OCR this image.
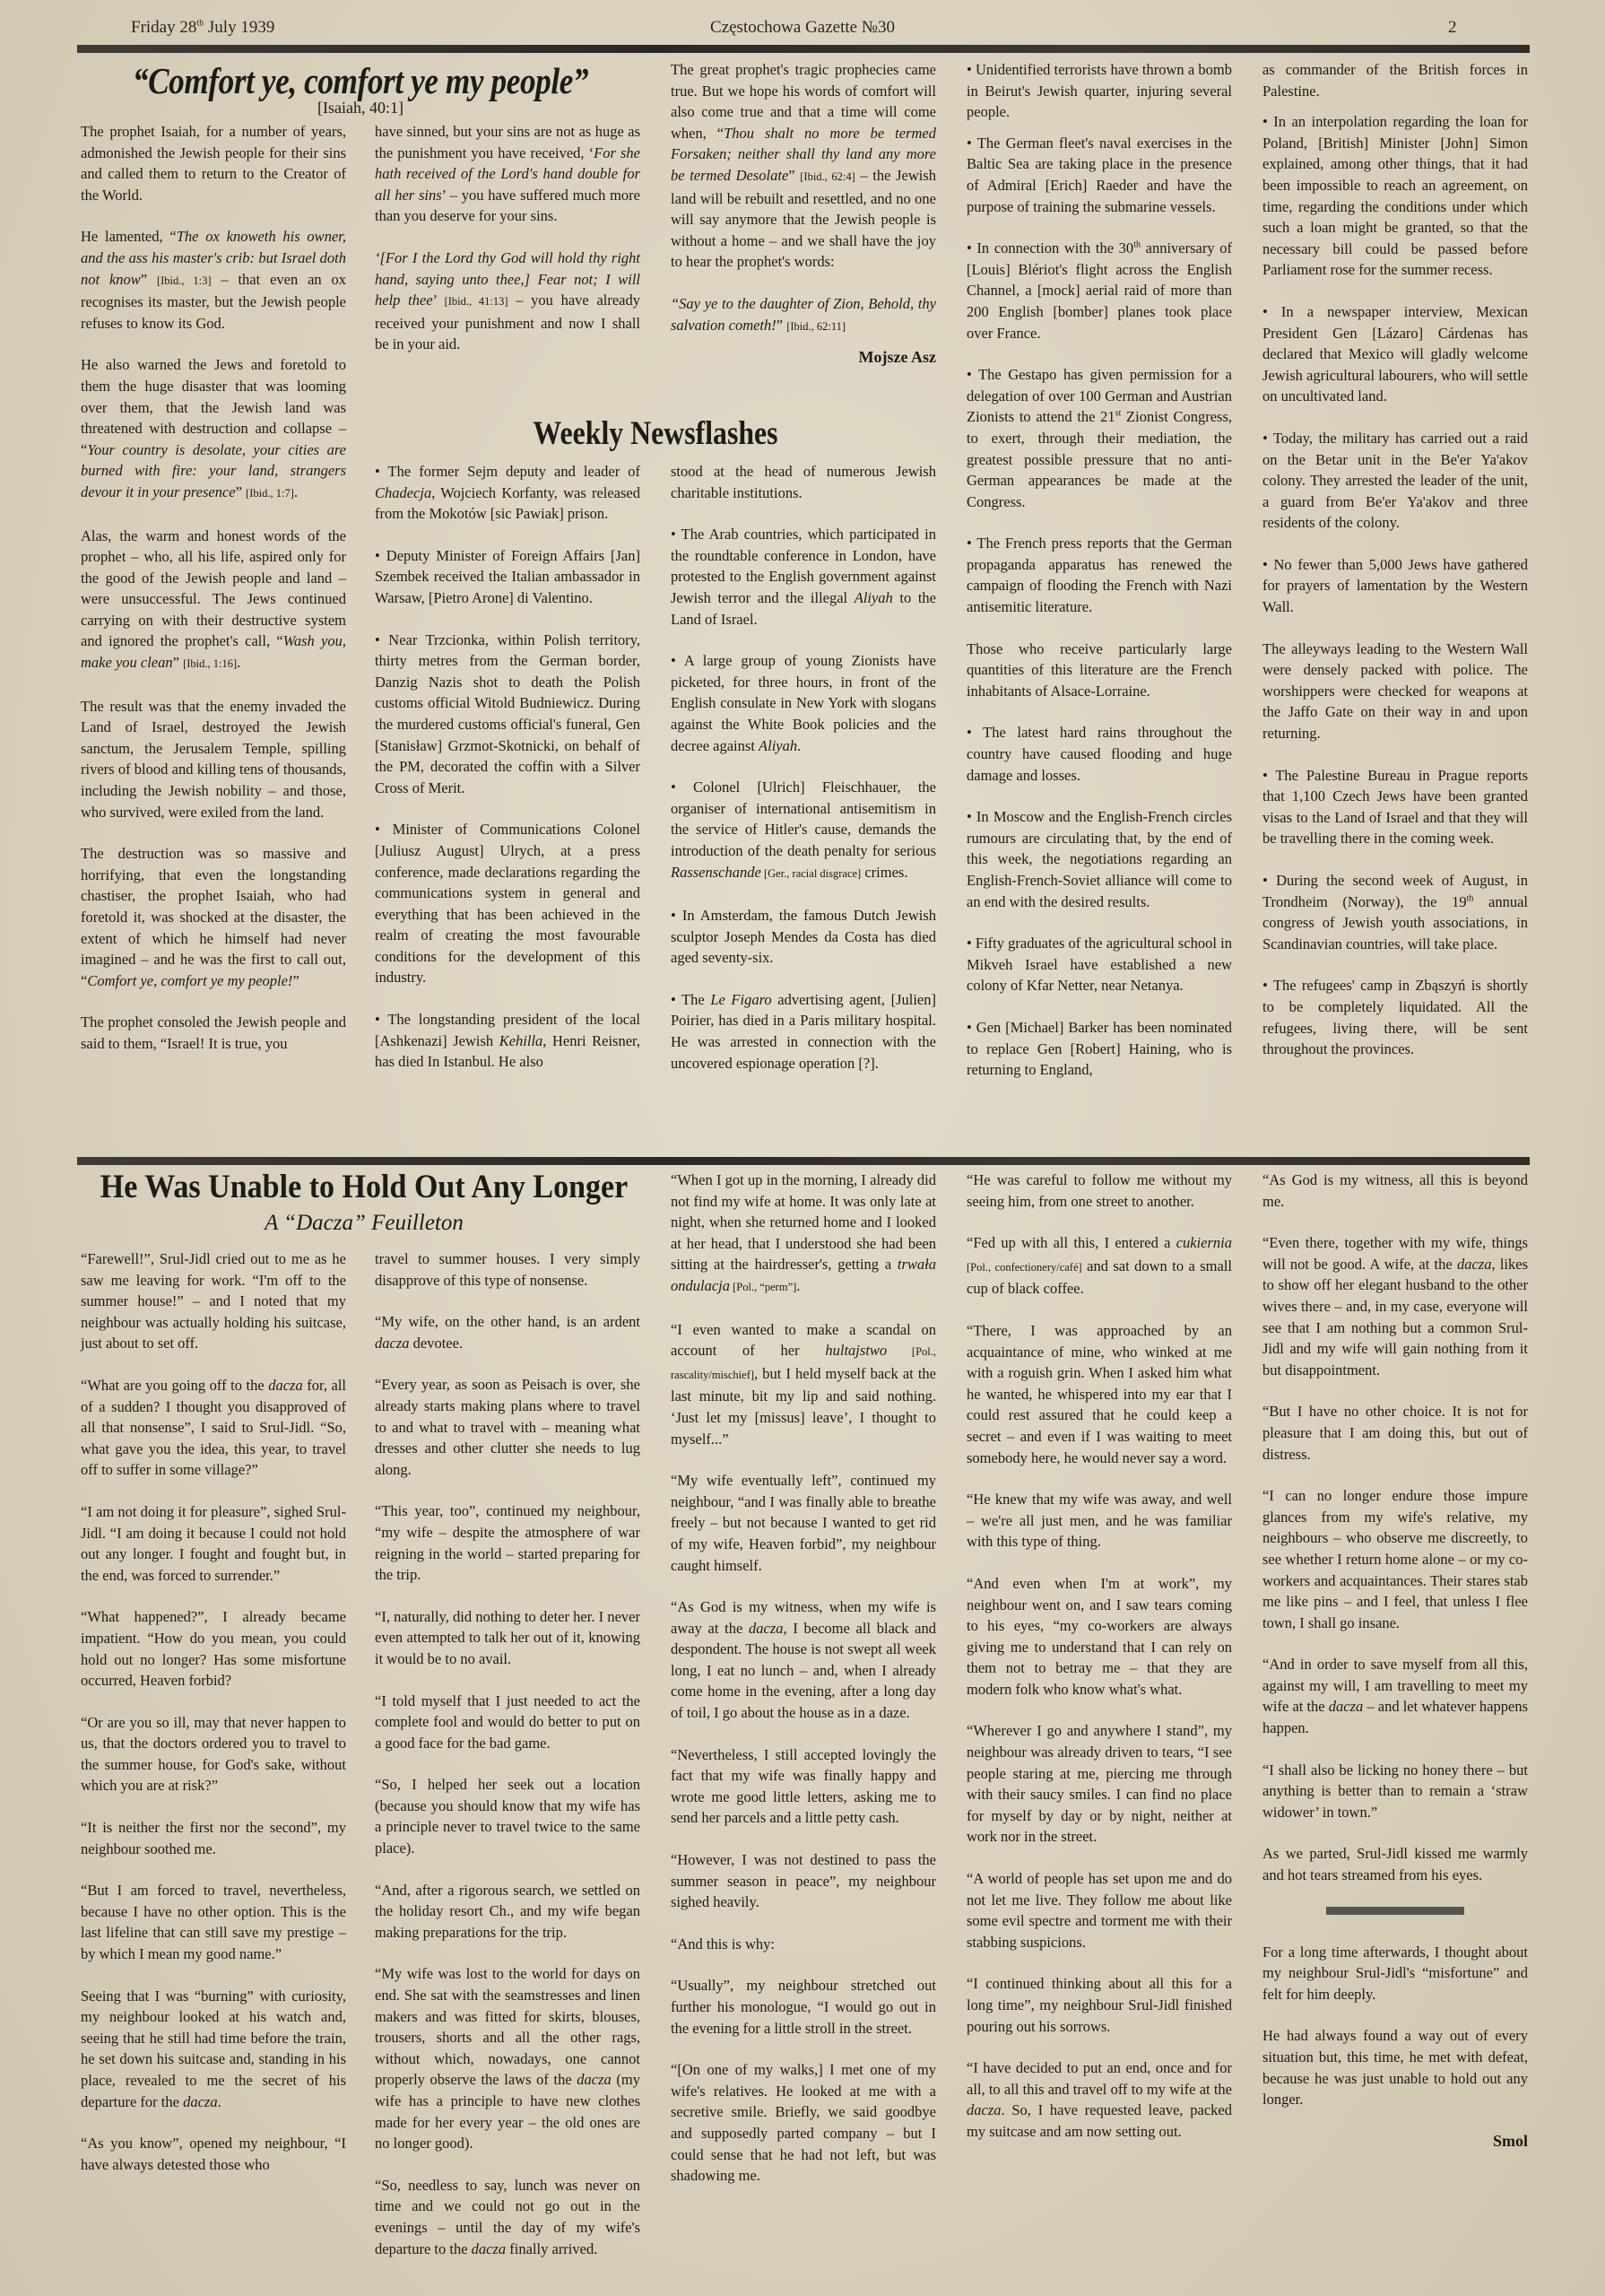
Friday 28th July 1939	Częstochowa Gazette №30	2
“Comfort ye, comfort ye my people”
[Isaiah, 40:1]

The prophet Isaiah, for a number of years, admonished the Jewish people for their sins and called them to return to the Creator of the World.

He lamented, “The ox knoweth his owner, and the ass his master's crib: but Israel doth not know” [Ibid., 1:3] – that even an ox recognises its master, but the Jewish people refuses to know its God.

He also warned the Jews and foretold to them the huge disaster that was looming over them, that the Jewish land was threatened with destruction and collapse – “Your country is desolate, your cities are burned with fire: your land, strangers devour it in your presence” [Ibid., 1:7].

Alas, the warm and honest words of the prophet – who, all his life, aspired only for the good of the Jewish people and land – were unsuccessful. The Jews continued carrying on with their destructive system and ignored the prophet's call, “Wash you, make you clean” [Ibid., 1:16].

The result was that the enemy invaded the Land of Israel, destroyed the Jewish sanctum, the Jerusalem Temple, spilling rivers of blood and killing tens of thousands, including the Jewish nobility – and those, who survived, were exiled from the land.

The destruction was so massive and horrifying, that even the longstanding chastiser, the prophet Isaiah, who had foretold it, was shocked at the disaster, the extent of which he himself had never imagined – and he was the first to call out, “Comfort ye, comfort ye my people!”

The prophet consoled the Jewish people and said to them, “Israel! It is true, you

have sinned, but your sins are not as huge as the punishment you have received, ‘For she hath received of the Lord's hand double for all her sins’ – you have suffered much more than you deserve for your sins.

‘[For I the Lord thy God will hold thy right hand, saying unto thee,] Fear not; I will help thee’ [Ibid., 41:13] – you have already received your punishment and now I shall be in your aid.

The great prophet's tragic prophecies came true. But we hope his words of comfort will also come true and that a time will come when, “Thou shalt no more be termed Forsaken; neither shall thy land any more be termed Desolate” [Ibid., 62:4] – the Jewish land will be rebuilt and resettled, and no one will say anymore that the Jewish people is without a home – and we shall have the joy to hear the prophet's words:

“Say ye to the daughter of Zion, Behold, thy salvation cometh!” [Ibid., 62:11]

Mojsze Asz

Weekly Newsflashes

• The former Sejm deputy and leader of Chadecja, Wojciech Korfanty, was released from the Mokotów [sic Pawiak] prison.

• Deputy Minister of Foreign Affairs [Jan] Szembek received the Italian ambassador in Warsaw, [Pietro Arone] di Valentino.

• Near Trzcionka, within Polish territory, thirty metres from the German border, Danzig Nazis shot to death the Polish customs official Witold Budniewicz. During the murdered customs official's funeral, Gen [Stanisław] Grzmot-Skotnicki, on behalf of the PM, decorated the coffin with a Silver Cross of Merit.

• Minister of Communications Colonel [Juliusz August] Ulrych, at a press conference, made declarations regarding the communications system in general and everything that has been achieved in the realm of creating the most favourable conditions for the development of this industry.

• The longstanding president of the local [Ashkenazi] Jewish Kehilla, Henri Reisner, has died In Istanbul. He also

stood at the head of numerous Jewish charitable institutions.

• The Arab countries, which participated in the roundtable conference in London, have protested to the English government against Jewish terror and the illegal Aliyah to the Land of Israel.

• A large group of young Zionists have picketed, for three hours, in front of the English consulate in New York with slogans against the White Book policies and the decree against Aliyah.

• Colonel [Ulrich] Fleischhauer, the organiser of international antisemitism in the service of Hitler's cause, demands the introduction of the death penalty for serious Rassenschande [Ger., racial disgrace] crimes.

• In Amsterdam, the famous Dutch Jewish sculptor Joseph Mendes da Costa has died aged seventy-six.

• The Le Figaro advertising agent, [Julien] Poirier, has died in a Paris military hospital. He was arrested in connection with the uncovered espionage operation [?].

• Unidentified terrorists have thrown a bomb in Beirut's Jewish quarter, injuring several people.

• The German fleet's naval exercises in the Baltic Sea are taking place in the presence of Admiral [Erich] Raeder and have the purpose of training the submarine vessels.

• In connection with the 30th anniversary of [Louis] Blériot's flight across the English Channel, a [mock] aerial raid of more than 200 English [bomber] planes took place over France.

• The Gestapo has given permission for a delegation of over 100 German and Austrian Zionists to attend the 21st Zionist Congress, to exert, through their mediation, the greatest possible pressure that no anti-German appearances be made at the Congress.

• The French press reports that the German propaganda apparatus has renewed the campaign of flooding the French with Nazi antisemitic literature.

Those who receive particularly large quantities of this literature are the French inhabitants of Alsace-Lorraine.

• The latest hard rains throughout the country have caused flooding and huge damage and losses.

• In Moscow and the English-French circles rumours are circulating that, by the end of this week, the negotiations regarding an English-French-Soviet alliance will come to an end with the desired results.

• Fifty graduates of the agricultural school in Mikveh Israel have established a new colony of Kfar Netter, near Netanya.

• Gen [Michael] Barker has been nominated to replace Gen [Robert] Haining, who is returning to England,

as commander of the British forces in Palestine.

• In an interpolation regarding the loan for Poland, [British] Minister [John] Simon explained, among other things, that it had been impossible to reach an agreement, on time, regarding the conditions under which such a loan might be granted, so that the necessary bill could be passed before Parliament rose for the summer recess.

• In a newspaper interview, Mexican President Gen [Lázaro] Cárdenas has declared that Mexico will gladly welcome Jewish agricultural labourers, who will settle on uncultivated land.

• Today, the military has carried out a raid on the Betar unit in the Be'er Ya'akov colony. They arrested the leader of the unit, a guard from Be'er Ya'akov and three residents of the colony.

• No fewer than 5,000 Jews have gathered for prayers of lamentation by the Western Wall.

The alleyways leading to the Western Wall were densely packed with police. The worshippers were checked for weapons at the Jaffo Gate on their way in and upon returning.

• The Palestine Bureau in Prague reports that 1,100 Czech Jews have been granted visas to the Land of Israel and that they will be travelling there in the coming week.

• During the second week of August, in Trondheim (Norway), the 19th annual congress of Jewish youth associations, in Scandinavian countries, will take place.

• The refugees' camp in Zbąszyń is shortly to be completely liquidated. All the refugees, living there, will be sent throughout the provinces.

He Was Unable to Hold Out Any Longer
A “Dacza” Feuilleton

“Farewell!”, Srul-Jidl cried out to me as he saw me leaving for work. “I'm off to the summer house!” – and I noted that my neighbour was actually holding his suitcase, just about to set off.

“What are you going off to the dacza for, all of a sudden? I thought you disapproved of all that nonsense”, I said to Srul-Jidl. “So, what gave you the idea, this year, to travel off to suffer in some village?”

“I am not doing it for pleasure”, sighed Srul-Jidl. “I am doing it because I could not hold out any longer. I fought and fought but, in the end, was forced to surrender.”

“What happened?”, I already became impatient. “How do you mean, you could hold out no longer? Has some misfortune occurred, Heaven forbid?

“Or are you so ill, may that never happen to us, that the doctors ordered you to travel to the summer house, for God's sake, without which you are at risk?”

“It is neither the first nor the second”, my neighbour soothed me.

“But I am forced to travel, nevertheless, because I have no other option. This is the last lifeline that can still save my prestige – by which I mean my good name.”

Seeing that I was “burning” with curiosity, my neighbour looked at his watch and, seeing that he still had time before the train, he set down his suitcase and, standing in his place, revealed to me the secret of his departure for the dacza.

“As you know”, opened my neighbour, “I have always detested those who

travel to summer houses. I very simply disapprove of this type of nonsense.

“My wife, on the other hand, is an ardent dacza devotee.

“Every year, as soon as Peisach is over, she already starts making plans where to travel to and what to travel with – meaning what dresses and other clutter she needs to lug along.

“This year, too”, continued my neighbour, “my wife – despite the atmosphere of war reigning in the world – started preparing for the trip.

“I, naturally, did nothing to deter her. I never even attempted to talk her out of it, knowing it would be to no avail.

“I told myself that I just needed to act the complete fool and would do better to put on a good face for the bad game.

“So, I helped her seek out a location (because you should know that my wife has a principle never to travel twice to the same place).

“And, after a rigorous search, we settled on the holiday resort Ch., and my wife began making preparations for the trip.

“My wife was lost to the world for days on end. She sat with the seamstresses and linen makers and was fitted for skirts, blouses, trousers, shorts and all the other rags, without which, nowadays, one cannot properly observe the laws of the dacza (my wife has a principle to have new clothes made for her every year – the old ones are no longer good).

“So, needless to say, lunch was never on time and we could not go out in the evenings – until the day of my wife's departure to the dacza finally arrived.

“When I got up in the morning, I already did not find my wife at home. It was only late at night, when she returned home and I looked at her head, that I understood she had been sitting at the hairdresser's, getting a trwała ondulacja [Pol., “perm”].

“I even wanted to make a scandal on account of her hultajstwo [Pol., rascality/mischief], but I held myself back at the last minute, bit my lip and said nothing. ‘Just let my [missus] leave’, I thought to myself...”

“My wife eventually left”, continued my neighbour, “and I was finally able to breathe freely – but not because I wanted to get rid of my wife, Heaven forbid”, my neighbour caught himself.

“As God is my witness, when my wife is away at the dacza, I become all black and despondent. The house is not swept all week long, I eat no lunch – and, when I already come home in the evening, after a long day of toil, I go about the house as in a daze.

“Nevertheless, I still accepted lovingly the fact that my wife was finally happy and wrote me good little letters, asking me to send her parcels and a little petty cash.

“However, I was not destined to pass the summer season in peace”, my neighbour sighed heavily.

“And this is why:

“Usually”, my neighbour stretched out further his monologue, “I would go out in the evening for a little stroll in the street.

“[On one of my walks,] I met one of my wife's relatives. He looked at me with a secretive smile. Briefly, we said goodbye and supposedly parted company – but I could sense that he had not left, but was shadowing me.

“He was careful to follow me without my seeing him, from one street to another.

“Fed up with all this, I entered a cukiernia [Pol., confectionery/café] and sat down to a small cup of black coffee.

“There, I was approached by an acquaintance of mine, who winked at me with a roguish grin. When I asked him what he wanted, he whispered into my ear that I could rest assured that he could keep a secret – and even if I was waiting to meet somebody here, he would never say a word.

“He knew that my wife was away, and well – we're all just men, and he was familiar with this type of thing.

“And even when I'm at work”, my neighbour went on, and I saw tears coming to his eyes, “my co-workers are always giving me to understand that I can rely on them not to betray me – that they are modern folk who know what's what.

“Wherever I go and anywhere I stand”, my neighbour was already driven to tears, “I see people staring at me, piercing me through with their saucy smiles. I can find no place for myself by day or by night, neither at work nor in the street.

“A world of people has set upon me and do not let me live. They follow me about like some evil spectre and torment me with their stabbing suspicions.

“I continued thinking about all this for a long time”, my neighbour Srul-Jidl finished pouring out his sorrows.

“I have decided to put an end, once and for all, to all this and travel off to my wife at the dacza. So, I have requested leave, packed my suitcase and am now setting out.

“As God is my witness, all this is beyond me.

“Even there, together with my wife, things will not be good. A wife, at the dacza, likes to show off her elegant husband to the other wives there – and, in my case, everyone will see that I am nothing but a common Srul-Jidl and my wife will gain nothing from it but disappointment.

“But I have no other choice. It is not for pleasure that I am doing this, but out of distress.

“I can no longer endure those impure glances from my wife's relative, my neighbours – who observe me discreetly, to see whether I return home alone – or my co-workers and acquaintances. Their stares stab me like pins – and I feel, that unless I flee town, I shall go insane.

“And in order to save myself from all this, against my will, I am travelling to meet my wife at the dacza – and let whatever happens happen.

“I shall also be licking no honey there – but anything is better than to remain a ‘straw widower’ in town.”

As we parted, Srul-Jidl kissed me warmly and hot tears streamed from his eyes.

For a long time afterwards, I thought about my neighbour Srul-Jidl's “misfortune” and felt for him deeply.

He had always found a way out of every situation but, this time, he met with defeat, because he was just unable to hold out any longer.

Smol
